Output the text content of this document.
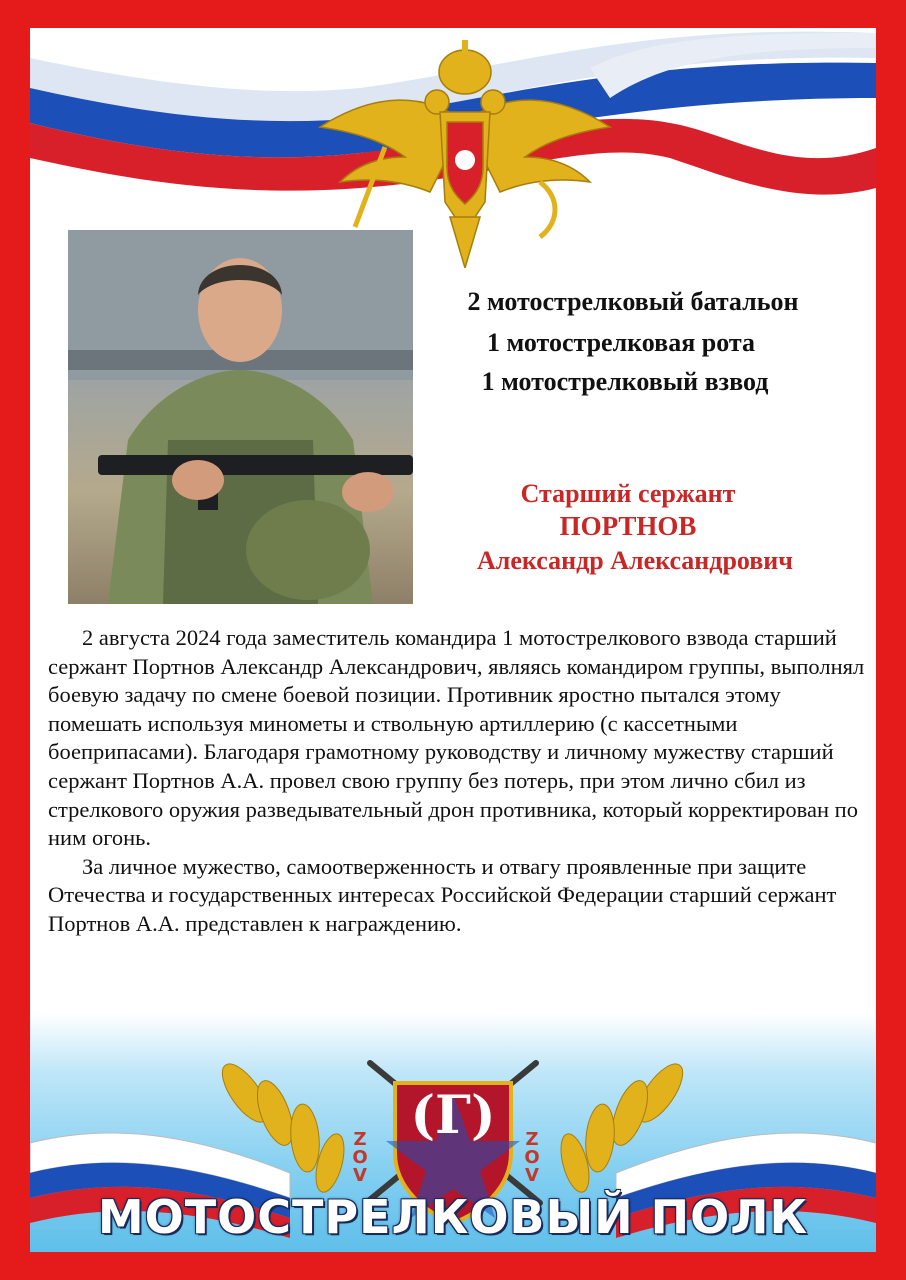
2 мотострелковый батальон
1 мотострелковая рота
1 мотострелковый взвод
Старший сержант
ПОРТНОВ
Александр Александрович

2 августа 2024 года заместитель командира 1 мотострелкового взвода старший сержант Портнов Александр Александрович, являясь командиром группы, выполнял боевую задачу по смене боевой позиции. Противник яростно пытался этому помешать используя минометы и ствольную артиллерию (с кассетными боеприпасами). Благодаря грамотному руководству и личному мужеству старший сержант Портнов А.А. провел свою группу без потерь, при этом лично сбил из стрелкового оружия разведывательный дрон противника, который корректирован по ним огонь.

За личное мужество, самоотверженность и отвагу проявленные при защите Отечества и государственных интересах Российской Федерации старший сержант Портнов А.А. представлен к награждению.

(Г)
Z
O
V
Z
O
V
МОТОСТРЕЛКОВЫЙ ПОЛК
